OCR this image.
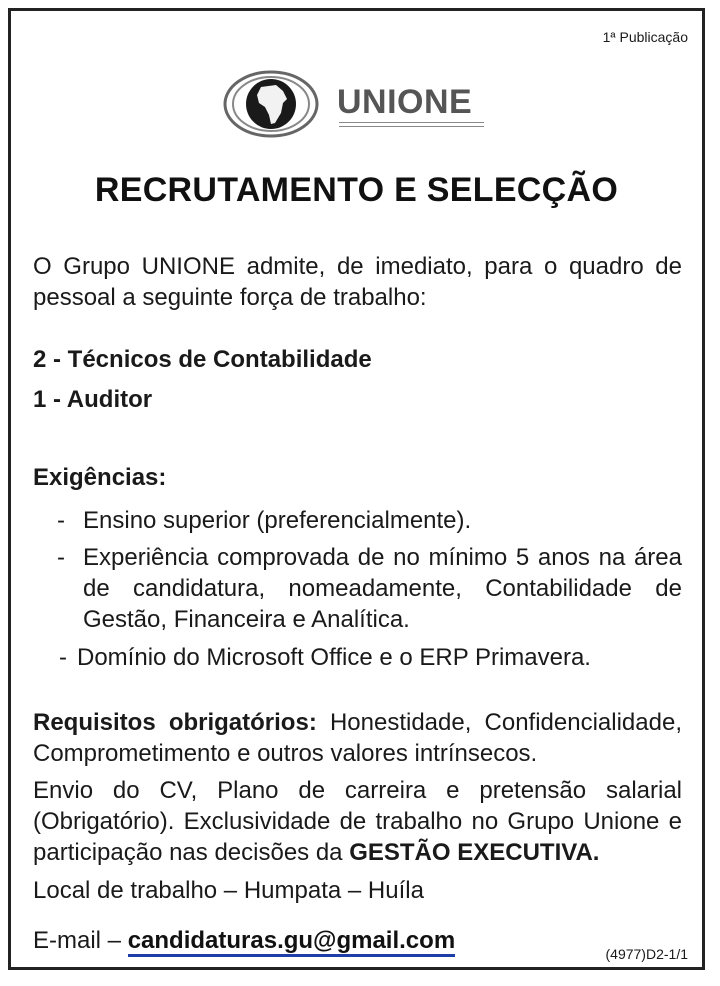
1ª Publicação
UNIONE
RECRUTAMENTO E SELECÇÃO
O Grupo UNIONE admite, de imediato, para o quadro de pessoal a seguinte força de trabalho:
2 - Técnicos de Contabilidade
1 - Auditor
Exigências:
- Ensino superior (preferencialmente).
- Experiência comprovada de no mínimo 5 anos na área de candidatura, nomeadamente, Contabilidade de Gestão, Financeira e Analítica.
- Domínio do Microsoft Office e o ERP Primavera.
Requisitos obrigatórios: Honestidade, Confidencialidade, Comprometimento e outros valores intrínsecos.
Envio do CV, Plano de carreira e pretensão salarial (Obrigatório). Exclusividade de trabalho no Grupo Unione e participação nas decisões da GESTÃO EXECUTIVA.
Local de trabalho – Humpata – Huíla
E-mail – candidaturas.gu@gmail.com	(4977)D2-1/1
